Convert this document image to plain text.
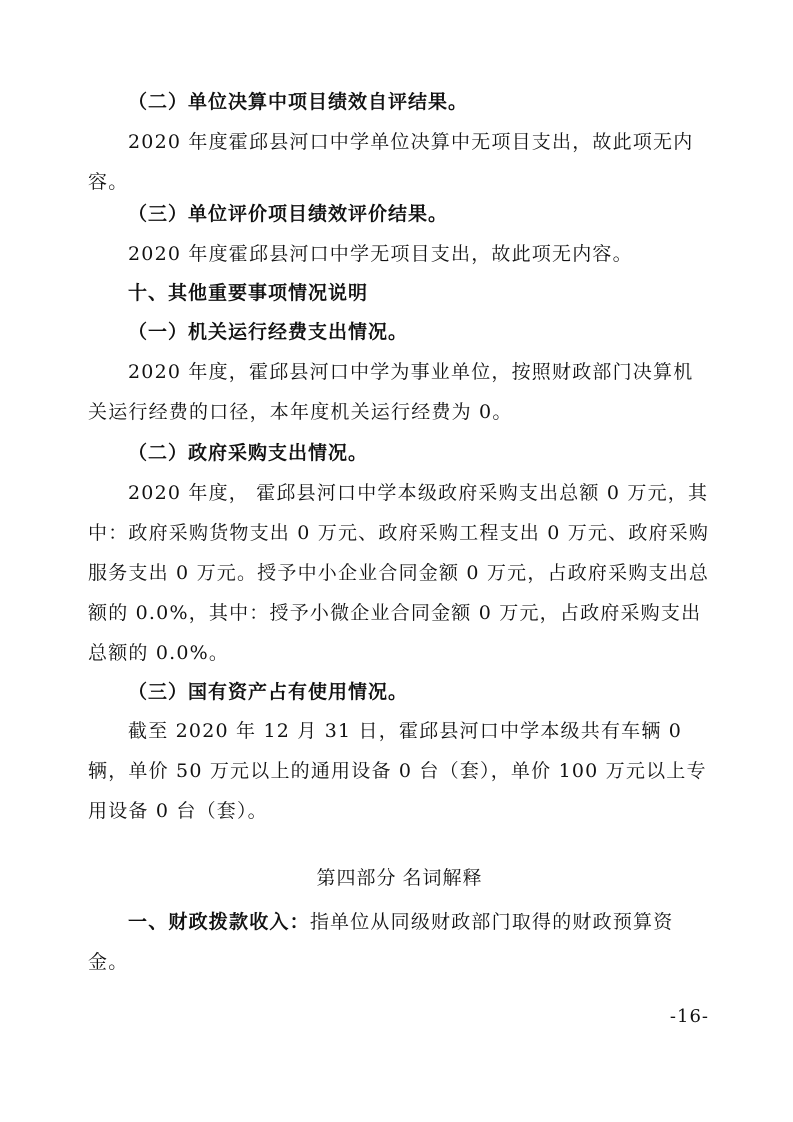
（二）单位决算中项目绩效自评结果。

2020 年度霍邱县河口中学单位决算中无项目支出，故此项无内容。

（三）单位评价项目绩效评价结果。

2020 年度霍邱县河口中学无项目支出，故此项无内容。

十、其他重要事项情况说明

（一）机关运行经费支出情况。

2020 年度，霍邱县河口中学为事业单位，按照财政部门决算机关运行经费的口径，本年度机关运行经费为 0。

（二）政府采购支出情况。

2020 年度， 霍邱县河口中学本级政府采购支出总额 0 万元，其中：政府采购货物支出 0 万元、政府采购工程支出 0 万元、政府采购服务支出 0 万元。授予中小企业合同金额 0 万元，占政府采购支出总额的 0.0%，其中：授予小微企业合同金额 0 万元，占政府采购支出总额的 0.0%。

（三）国有资产占有使用情况。

截至 2020 年 12 月 31 日，霍邱县河口中学本级共有车辆 0 辆，单价 50 万元以上的通用设备 0 台（套），单价 100 万元以上专用设备 0 台（套）。

第四部分 名词解释

一、财政拨款收入：指单位从同级财政部门取得的财政预算资金。

-16-
